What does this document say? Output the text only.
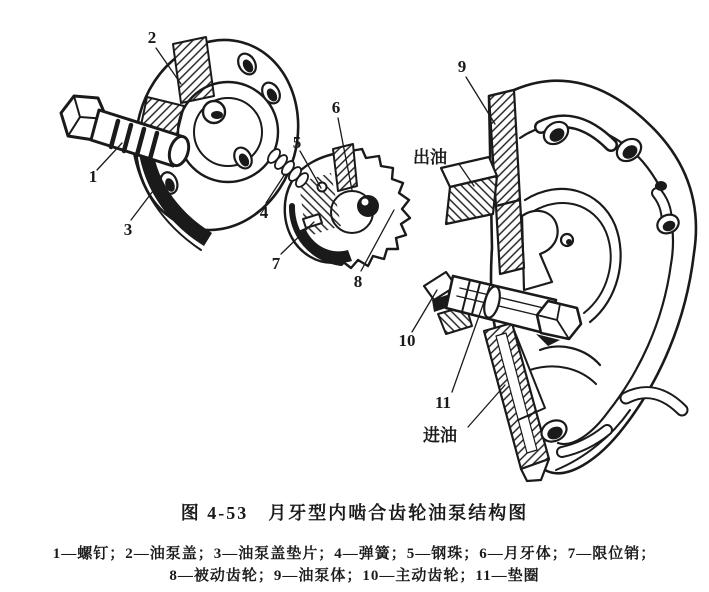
1
2
3
4
5
6
7
8
9
10
11
出油
进油
图 4-53　月牙型内啮合齿轮油泵结构图
1—螺钉；2—油泵盖；3—油泵盖垫片；4—弹簧；5—钢珠；6—月牙体；7—限位销；
8—被动齿轮；9—油泵体；10—主动齿轮；11—垫圈
